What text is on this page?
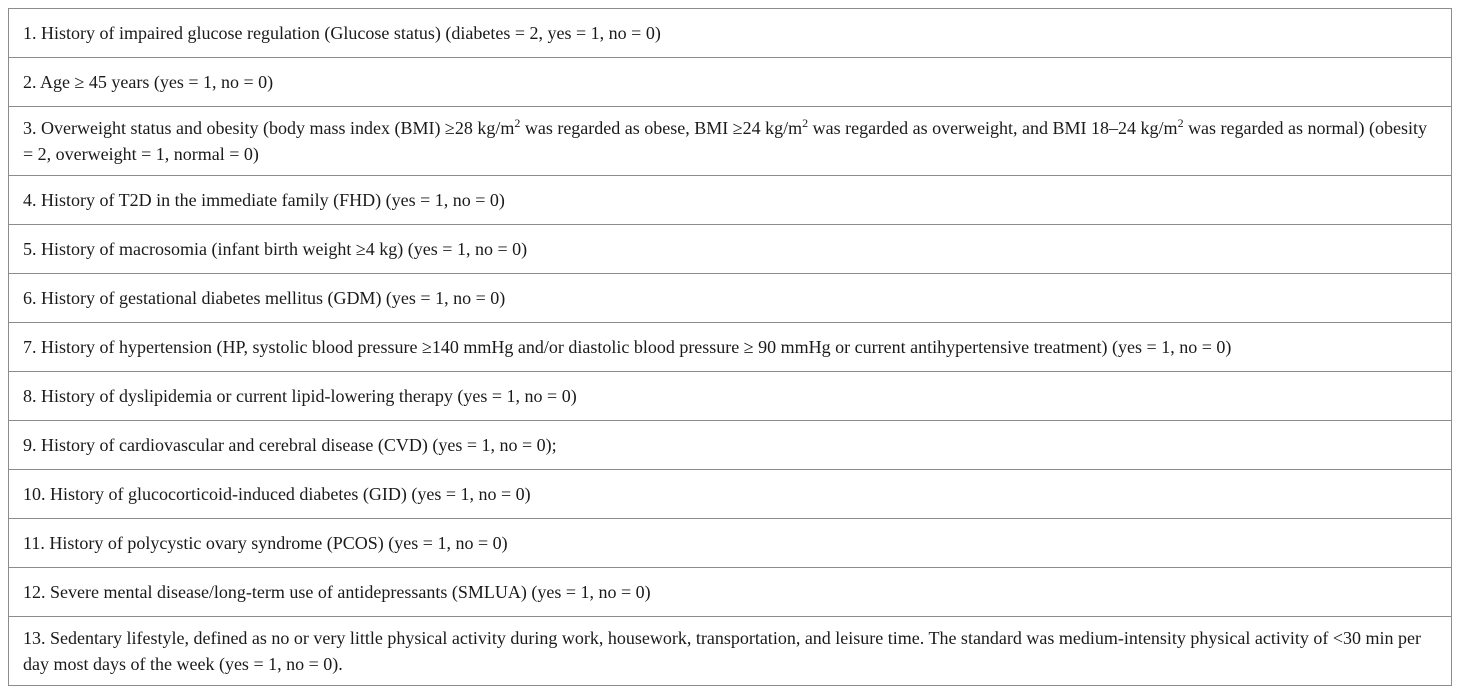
1. History of impaired glucose regulation (Glucose status) (diabetes = 2, yes = 1, no = 0)
2. Age ≥ 45 years (yes = 1, no = 0)
3. Overweight status and obesity (body mass index (BMI) ≥28 $kg/m^2$ was regarded as obese, BMI ≥24 $kg/m^2$ was regarded as overweight, and BMI 18–24 $kg/m^2$ was regarded as normal) (obesity = 2, overweight = 1, normal = 0)
4. History of T2D in the immediate family (FHD) (yes = 1, no = 0)
5. History of macrosomia (infant birth weight ≥4 kg) (yes = 1, no = 0)
6. History of gestational diabetes mellitus (GDM) (yes = 1, no = 0)
7. History of hypertension (HP, systolic blood pressure ≥140 mmHg and/or diastolic blood pressure ≥ 90 mmHg or current antihypertensive treatment) (yes = 1, no = 0)
8. History of dyslipidemia or current lipid-lowering therapy (yes = 1, no = 0)
9. History of cardiovascular and cerebral disease (CVD) (yes = 1, no = 0);
10. History of glucocorticoid-induced diabetes (GID) (yes = 1, no = 0)
11. History of polycystic ovary syndrome (PCOS) (yes = 1, no = 0)
12. Severe mental disease/long-term use of antidepressants (SMLUA) (yes = 1, no = 0)
13. Sedentary lifestyle, defined as no or very little physical activity during work, housework, transportation, and leisure time. The standard was medium-intensity physical activity of <30 min per day most days of the week (yes = 1, no = 0).
